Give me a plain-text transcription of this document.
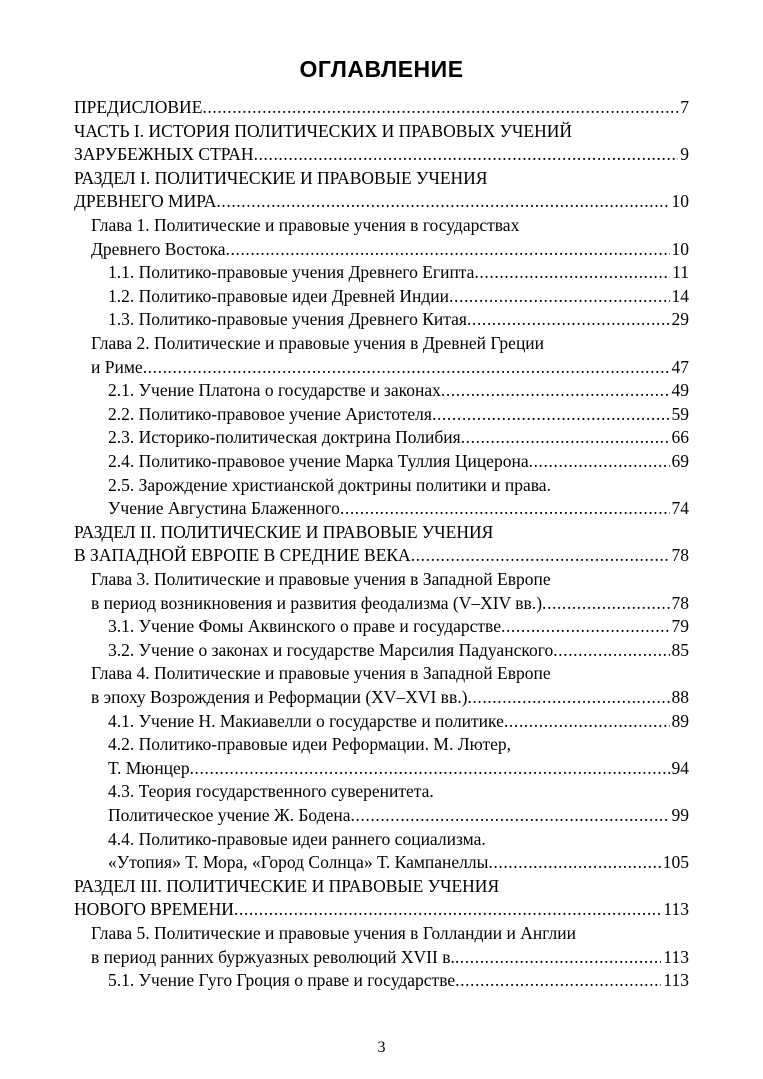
ОГЛАВЛЕНИЕ
ПРЕДИСЛОВИЕ .....	7
ЧАСТЬ I. ИСТОРИЯ ПОЛИТИЧЕСКИХ И ПРАВОВЫХ УЧЕНИЙ
ЗАРУБЕЖНЫХ СТРАН .....	9
РАЗДЕЛ I. ПОЛИТИЧЕСКИЕ И ПРАВОВЫЕ УЧЕНИЯ
ДРЕВНЕГО МИРА .....	10
Глава 1. Политические и правовые учения в государствах
Древнего Востока .....	10
1.1. Политико-правовые учения Древнего Египта .....	11
1.2. Политико-правовые идеи Древней Индии .....	14
1.3. Политико-правовые учения Древнего Китая .....	29
Глава 2. Политические и правовые учения в Древней Греции
и Риме .....	47
2.1. Учение Платона о государстве и законах .....	49
2.2. Политико-правовое учение Аристотеля .....	59
2.3. Историко-политическая доктрина Полибия .....	66
2.4. Политико-правовое учение Марка Туллия Цицерона .....	69
2.5. Зарождение христианской доктрины политики и права.
Учение Августина Блаженного .....	74
РАЗДЕЛ II. ПОЛИТИЧЕСКИЕ И ПРАВОВЫЕ УЧЕНИЯ
В ЗАПАДНОЙ ЕВРОПЕ В СРЕДНИЕ ВЕКА .....	78
Глава 3. Политические и правовые учения в Западной Европе
в период возникновения и развития феодализма (V–XIV вв.) .....	78
3.1. Учение Фомы Аквинского о праве и государстве .....	79
3.2. Учение о законах и государстве Марсилия Падуанского .....	85
Глава 4. Политические и правовые учения в Западной Европе
в эпоху Возрождения и Реформации (XV–XVI вв.) .....	88
4.1. Учение Н. Макиавелли о государстве и политике .....	89
4.2. Политико-правовые идеи Реформации. М. Лютер,
Т. Мюнцер .....	94
4.3. Теория государственного суверенитета.
Политическое учение Ж. Бодена .....	99
4.4. Политико-правовые идеи раннего социализма.
«Утопия» Т. Мора, «Город Солнца» Т. Кампанеллы .....	105
РАЗДЕЛ III. ПОЛИТИЧЕСКИЕ И ПРАВОВЫЕ УЧЕНИЯ
НОВОГО ВРЕМЕНИ .....	113
Глава 5. Политические и правовые учения в Голландии и Англии
в период ранних буржуазных революций XVII в. .....	113
5.1. Учение Гуго Гроция о праве и государстве .....	113
3
